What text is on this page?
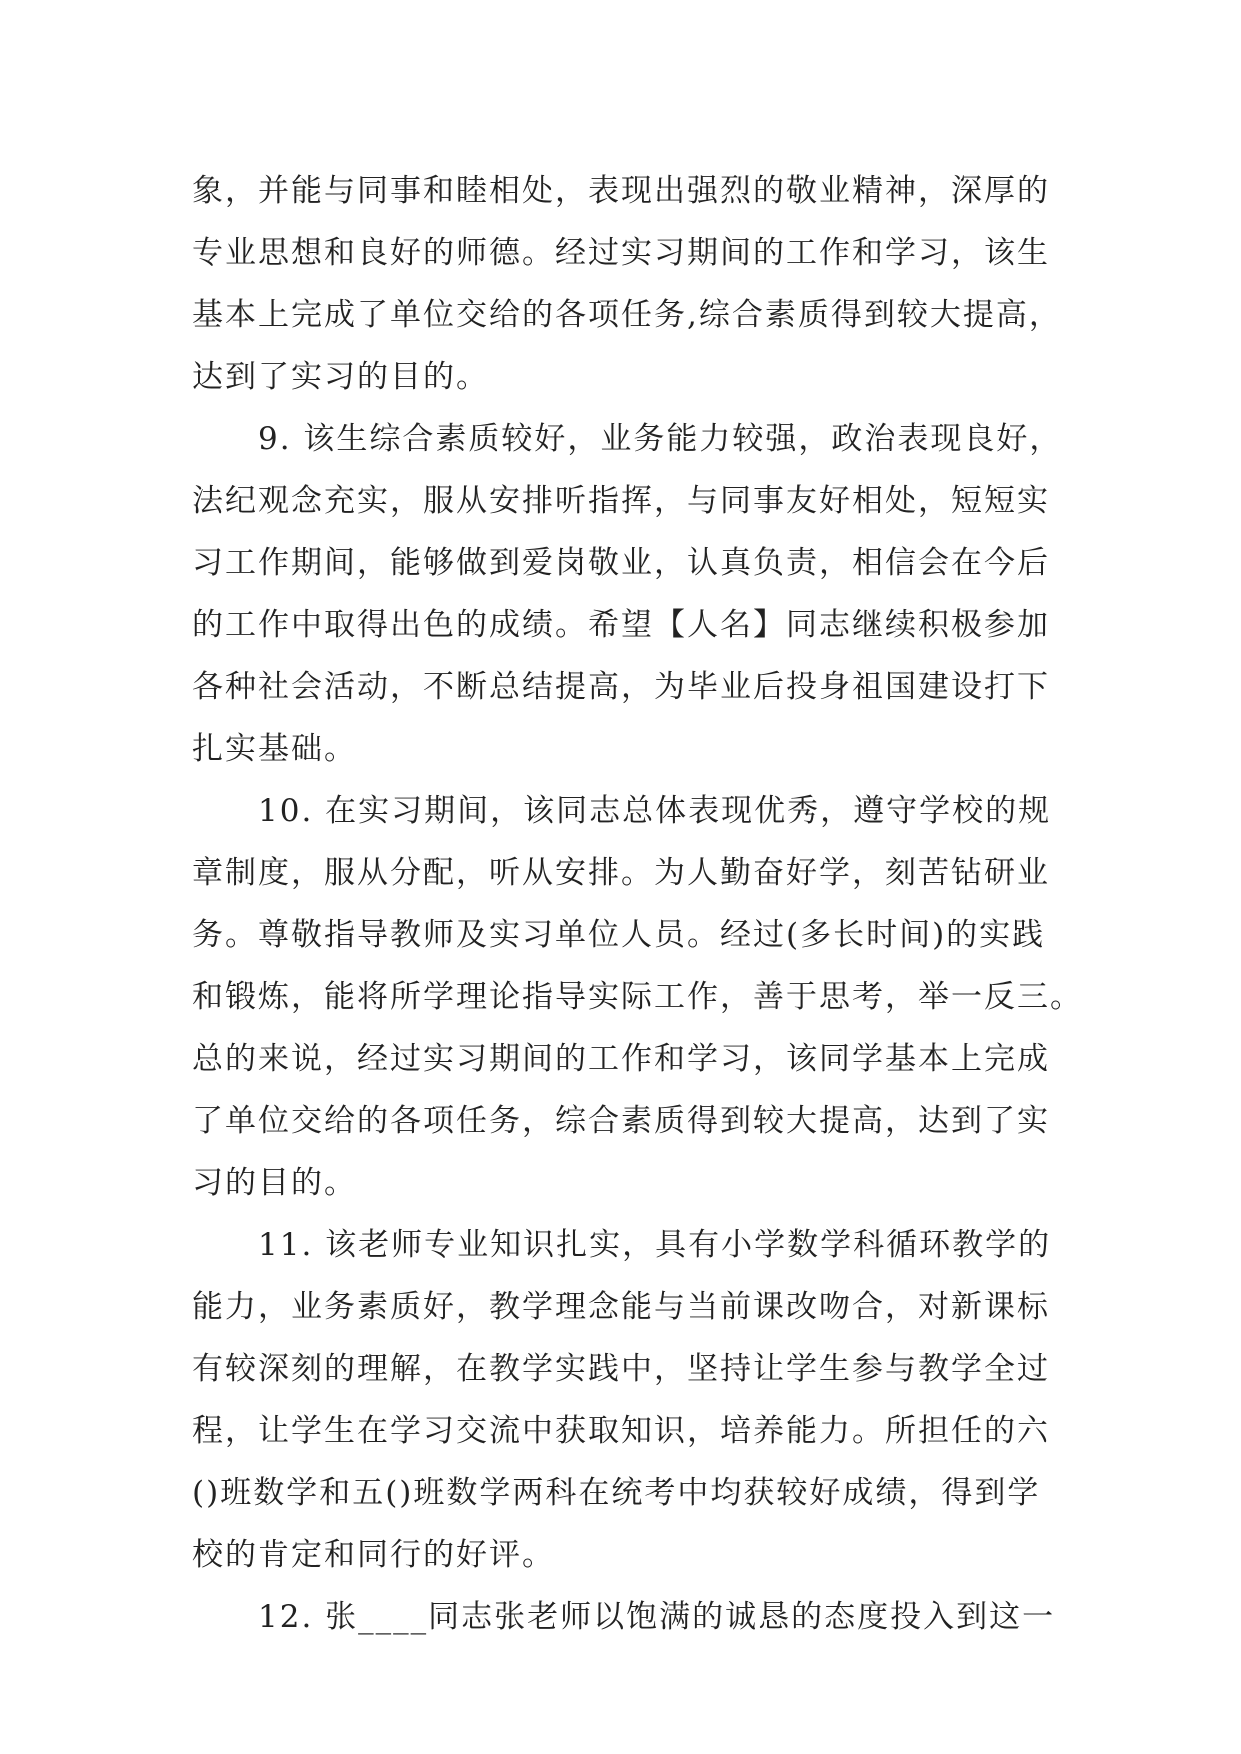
象，并能与同事和睦相处，表现出强烈的敬业精神，深厚的
专业思想和良好的师德。经过实习期间的工作和学习，该生
基本上完成了单位交给的各项任务,综合素质得到较大提高，
达到了实习的目的。
9. 该生综合素质较好，业务能力较强，政治表现良好，
法纪观念充实，服从安排听指挥，与同事友好相处，短短实
习工作期间，能够做到爱岗敬业，认真负责，相信会在今后
的工作中取得出色的成绩。希望【人名】同志继续积极参加
各种社会活动，不断总结提高，为毕业后投身祖国建设打下
扎实基础。
10. 在实习期间，该同志总体表现优秀，遵守学校的规
章制度，服从分配，听从安排。为人勤奋好学，刻苦钻研业
务。尊敬指导教师及实习单位人员。经过(多长时间)的实践
和锻炼，能将所学理论指导实际工作，善于思考，举一反三。
总的来说，经过实习期间的工作和学习，该同学基本上完成
了单位交给的各项任务，综合素质得到较大提高，达到了实
习的目的。
11. 该老师专业知识扎实，具有小学数学科循环教学的
能力，业务素质好，教学理念能与当前课改吻合，对新课标
有较深刻的理解，在教学实践中，坚持让学生参与教学全过
程，让学生在学习交流中获取知识，培养能力。所担任的六
()班数学和五()班数学两科在统考中均获较好成绩，得到学
校的肯定和同行的好评。
12. 张____同志张老师以饱满的诚恳的态度投入到这一
